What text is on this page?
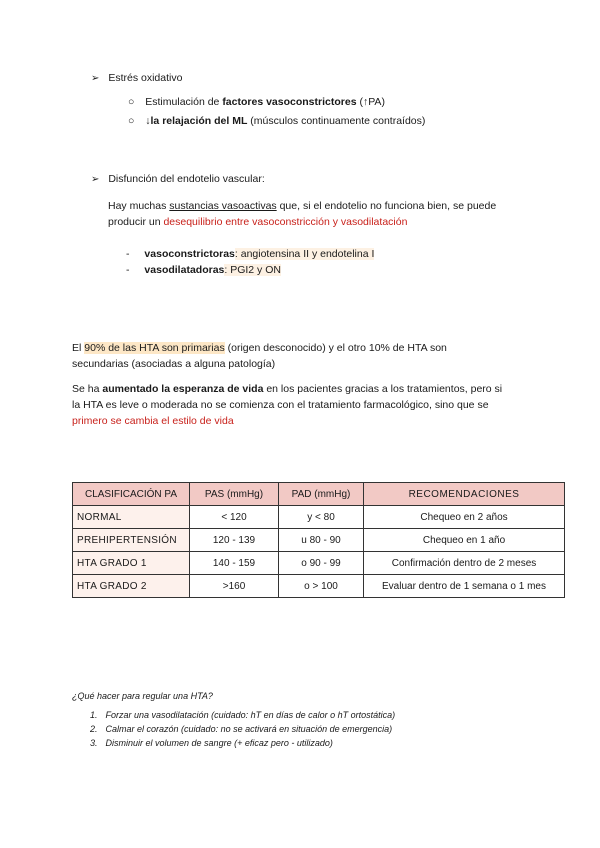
➢ Estrés oxidativo
○ Estimulación de factores vasoconstrictores (↑PA)
○ ↓la relajación del ML (músculos continuamente contraídos)
➢ Disfunción del endotelio vascular:
Hay muchas sustancias vasoactivas que, si el endotelio no funciona bien, se puede
producir un desequilibrio entre vasoconstricción y vasodilatación
- vasoconstrictoras: angiotensina II y endotelina I
- vasodilatadoras: PGI2 y ON
El 90% de las HTA son primarias (origen desconocido) y el otro 10% de HTA son
secundarias (asociadas a alguna patología)
Se ha aumentado la esperanza de vida en los pacientes gracias a los tratamientos, pero si
la HTA es leve o moderada no se comienza con el tratamiento farmacológico, sino que se
primero se cambia el estilo de vida
CLASIFICACIÓN PA	PAS (mmHg)	PAD (mmHg)	RECOMENDACIONES
NORMAL	< 120	y < 80	Chequeo en 2 años
PREHIPERTENSIÓN	120 - 139	u 80 - 90	Chequeo en 1 año
HTA GRADO 1	140 - 159	o 90 - 99	Confirmación dentro de 2 meses
HTA GRADO 2	>160	o > 100	Evaluar dentro de 1 semana o 1 mes
¿Qué hacer para regular una HTA?
1. Forzar una vasodilatación (cuidado: hT en días de calor o hT ortostática)
2. Calmar el corazón (cuidado: no se activará en situación de emergencia)
3. Disminuir el volumen de sangre (+ eficaz pero - utilizado)
